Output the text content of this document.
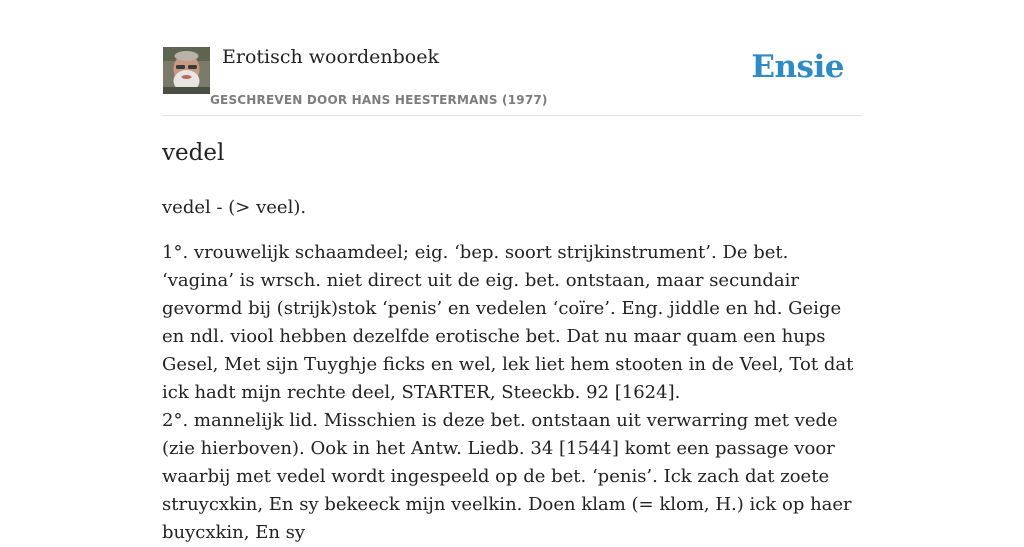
Erotisch woordenboek
GESCHREVEN DOOR HANS HEESTERMANS (1977)
Ensie
vedel

vedel - (> veel).

1°. vrouwelijk schaamdeel; eig. ‘bep. soort strijkinstrument’. De bet. ‘vagina’ is wrsch. niet direct uit de eig. bet. ontstaan, maar secundair gevormd bij (strijk)stok ‘penis’ en vedelen ‘coïre’. Eng. jiddle en hd. Geige en ndl. viool hebben dezelfde erotische bet. Dat nu maar quam een hups Gesel, Met sijn Tuyghje ficks en wel, lek liet hem stooten in de Veel, Tot dat ick hadt mijn rechte deel, STARTER, Steeckb. 92 [1624].

2°. mannelijk lid. Misschien is deze bet. ontstaan uit verwarring met vede (zie hierboven). Ook in het Antw. Liedb. 34 [1544] komt een passage voor waarbij met vedel wordt ingespeeld op de bet. ‘penis’. Ick zach dat zoete struycxkin, En sy bekeeck mijn veelkin. Doen klam (= klom, H.) ick op haer buycxkin, En sy
